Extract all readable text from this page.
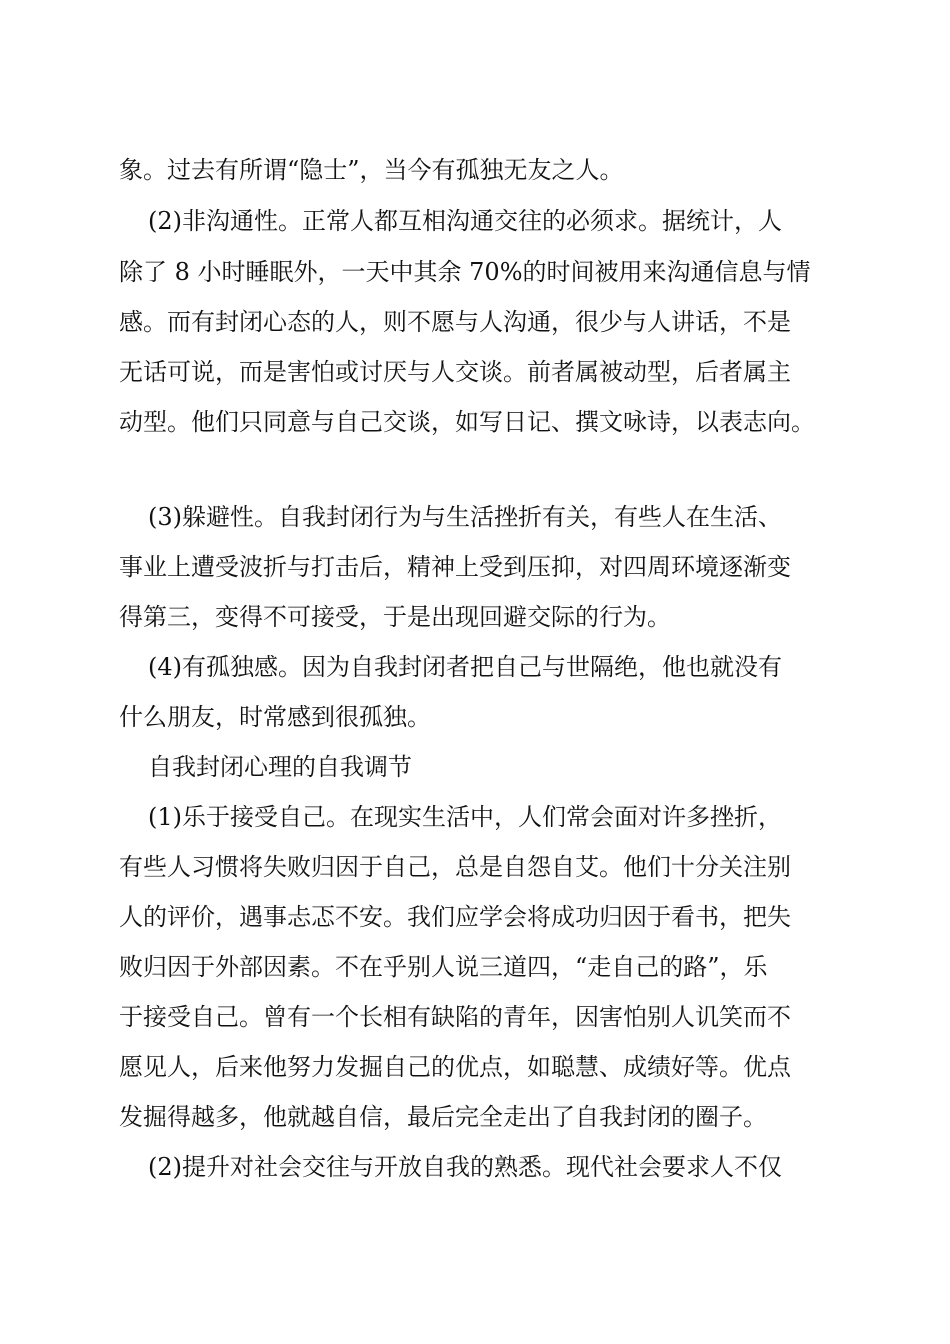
象。过去有所谓“隐士”，当今有孤独无友之人。
(2)非沟通性。正常人都互相沟通交往的必须求。据统计，人
除了 8 小时睡眠外，一天中其余 70%的时间被用来沟通信息与情
感。而有封闭心态的人，则不愿与人沟通，很少与人讲话，不是
无话可说，而是害怕或讨厌与人交谈。前者属被动型，后者属主
动型。他们只同意与自己交谈，如写日记、撰文咏诗，以表志向。
(3)躲避性。自我封闭行为与生活挫折有关，有些人在生活、
事业上遭受波折与打击后，精神上受到压抑，对四周环境逐渐变
得第三，变得不可接受，于是出现回避交际的行为。
(4)有孤独感。因为自我封闭者把自己与世隔绝，他也就没有
什么朋友，时常感到很孤独。
自我封闭心理的自我调节
(1)乐于接受自己。在现实生活中，人们常会面对许多挫折，
有些人习惯将失败归因于自己，总是自怨自艾。他们十分关注别
人的评价，遇事忐忑不安。我们应学会将成功归因于看书，把失
败归因于外部因素。不在乎别人说三道四，“走自己的路”，乐
于接受自己。曾有一个长相有缺陷的青年，因害怕别人讥笑而不
愿见人，后来他努力发掘自己的优点，如聪慧、成绩好等。优点
发掘得越多，他就越自信，最后完全走出了自我封闭的圈子。
(2)提升对社会交往与开放自我的熟悉。现代社会要求人不仅
